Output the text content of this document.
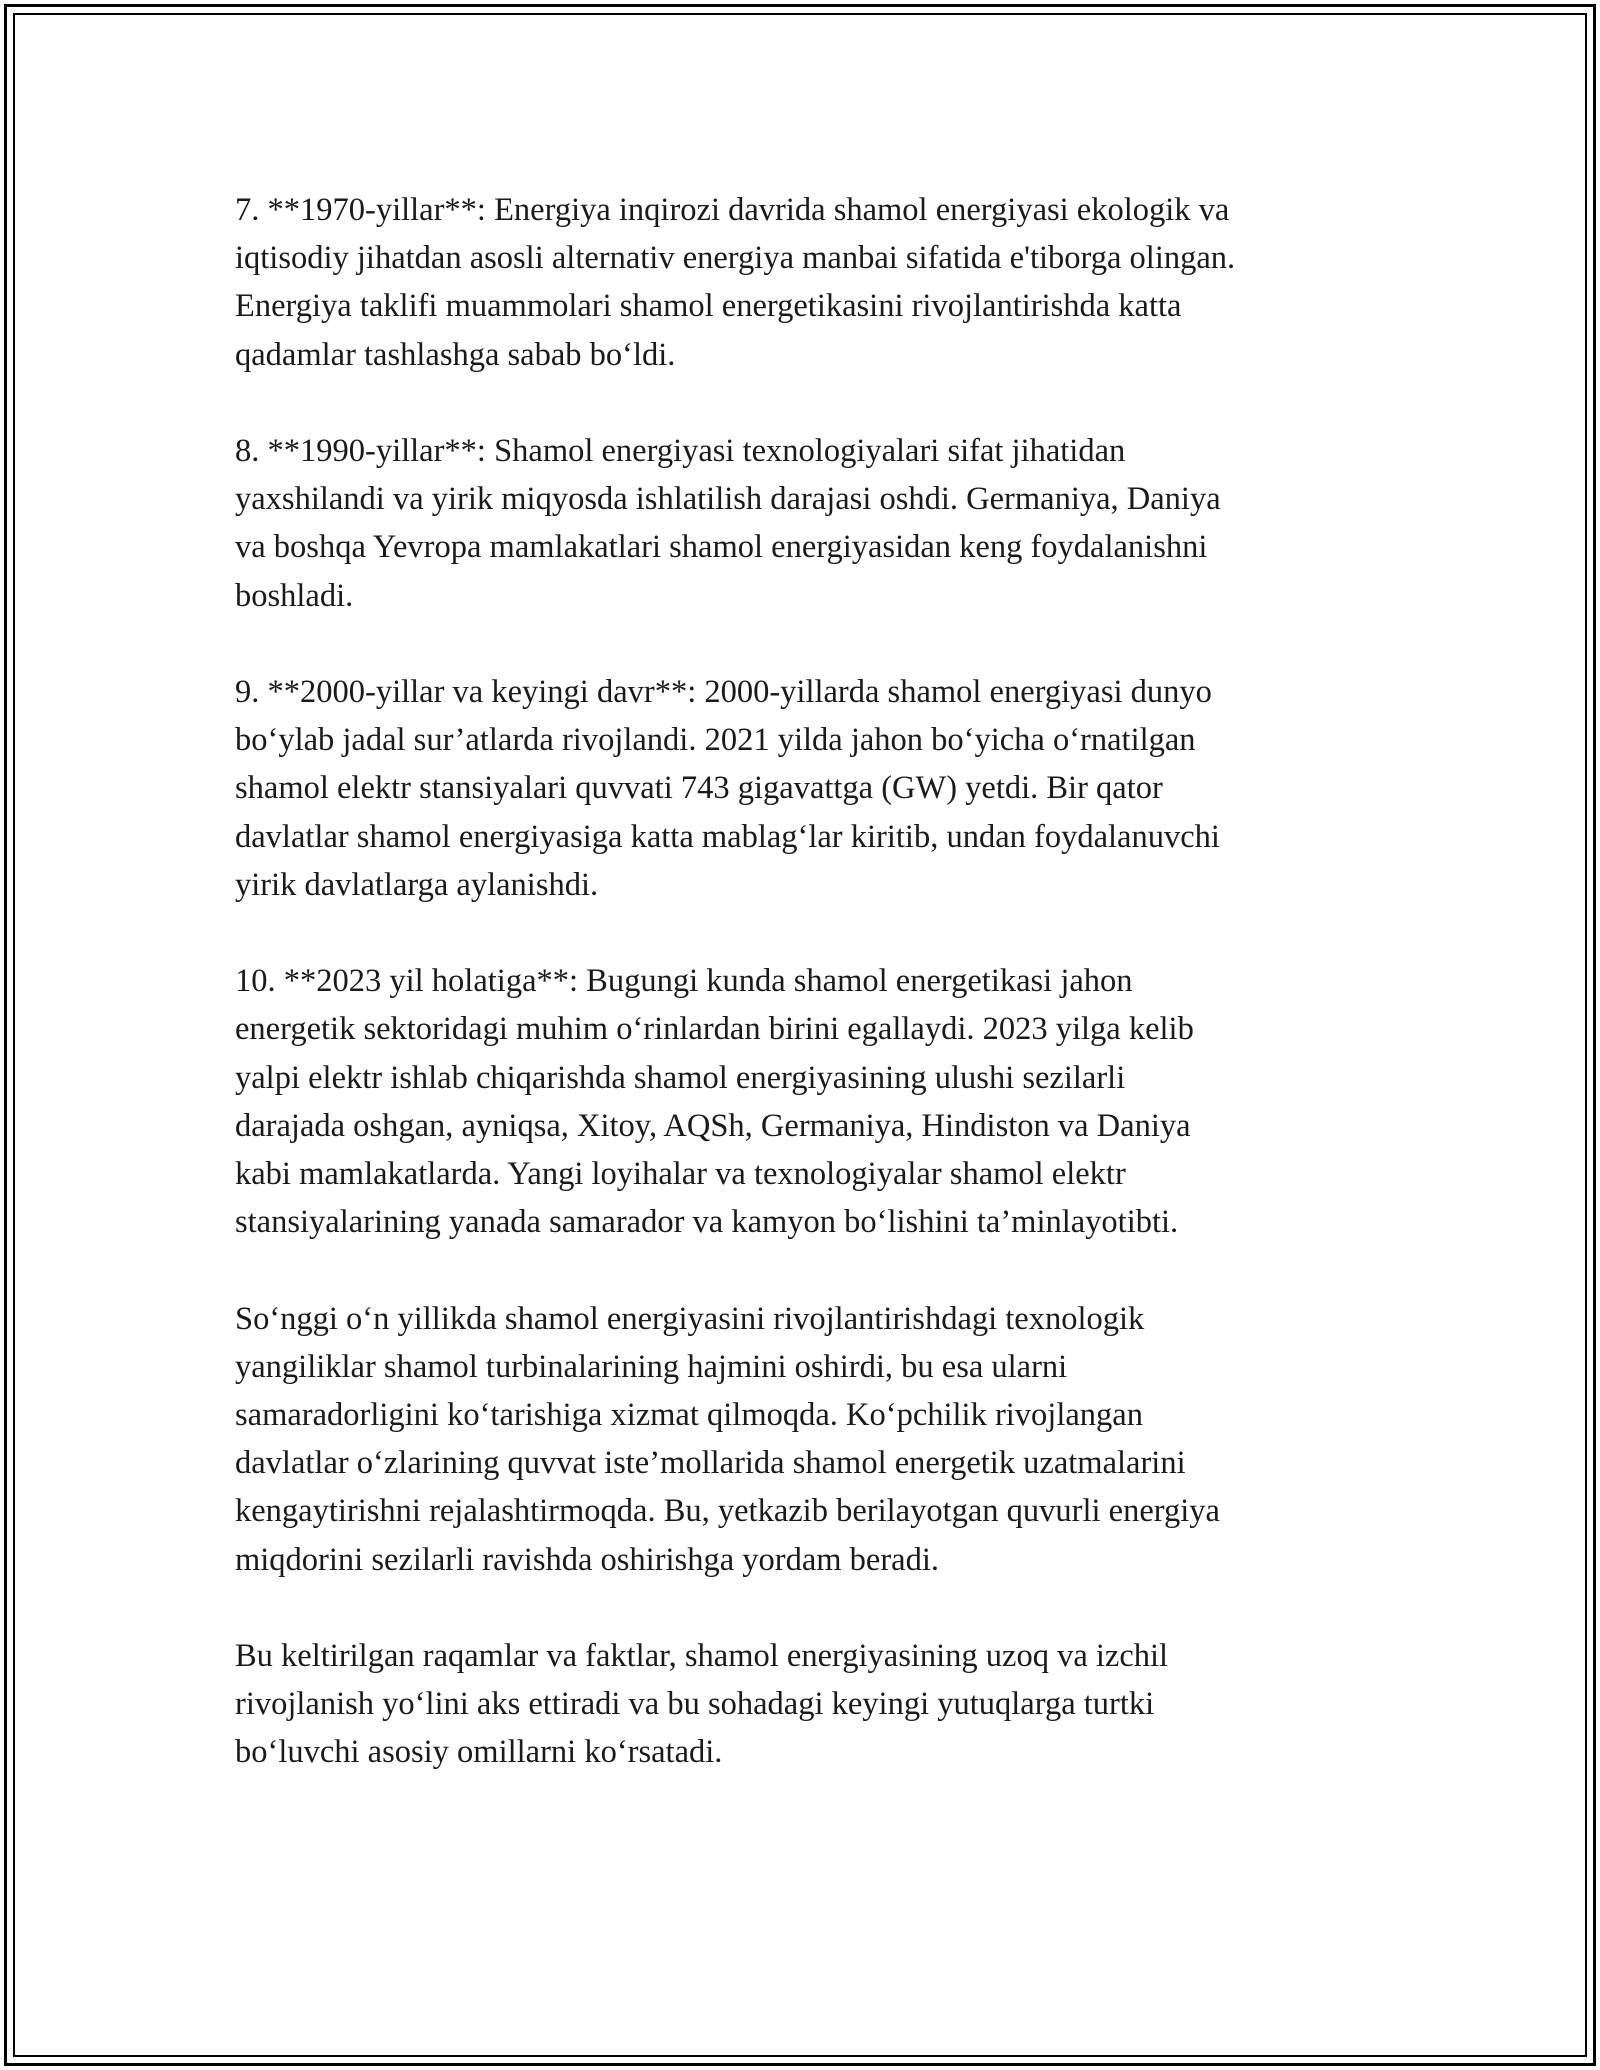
7. **1970-yillar**: Energiya inqirozi davrida shamol energiyasi ekologik va
iqtisodiy jihatdan asosli alternativ energiya manbai sifatida e'tiborga olingan.
Energiya taklifi muammolari shamol energetikasini rivojlantirishda katta
qadamlar tashlashga sabab bo‘ldi.

8. **1990-yillar**: Shamol energiyasi texnologiyalari sifat jihatidan
yaxshilandi va yirik miqyosda ishlatilish darajasi oshdi. Germaniya, Daniya
va boshqa Yevropa mamlakatlari shamol energiyasidan keng foydalanishni
boshladi.

9. **2000-yillar va keyingi davr**: 2000-yillarda shamol energiyasi dunyo
bo‘ylab jadal sur’atlarda rivojlandi. 2021 yilda jahon bo‘yicha o‘rnatilgan
shamol elektr stansiyalari quvvati 743 gigavattga (GW) yetdi. Bir qator
davlatlar shamol energiyasiga katta mablag‘lar kiritib, undan foydalanuvchi
yirik davlatlarga aylanishdi.

10. **2023 yil holatiga**: Bugungi kunda shamol energetikasi jahon
energetik sektoridagi muhim o‘rinlardan birini egallaydi. 2023 yilga kelib
yalpi elektr ishlab chiqarishda shamol energiyasining ulushi sezilarli
darajada oshgan, ayniqsa, Xitoy, AQSh, Germaniya, Hindiston va Daniya
kabi mamlakatlarda. Yangi loyihalar va texnologiyalar shamol elektr
stansiyalarining yanada samarador va kamyon bo‘lishini ta’minlayotibti.

So‘nggi o‘n yillikda shamol energiyasini rivojlantirishdagi texnologik
yangiliklar shamol turbinalarining hajmini oshirdi, bu esa ularni
samaradorligini ko‘tarishiga xizmat qilmoqda. Ko‘pchilik rivojlangan
davlatlar o‘zlarining quvvat iste’mollarida shamol energetik uzatmalarini
kengaytirishni rejalashtirmoqda. Bu, yetkazib berilayotgan quvurli energiya
miqdorini sezilarli ravishda oshirishga yordam beradi.

Bu keltirilgan raqamlar va faktlar, shamol energiyasining uzoq va izchil
rivojlanish yo‘lini aks ettiradi va bu sohadagi keyingi yutuqlarga turtki
bo‘luvchi asosiy omillarni ko‘rsatadi.
